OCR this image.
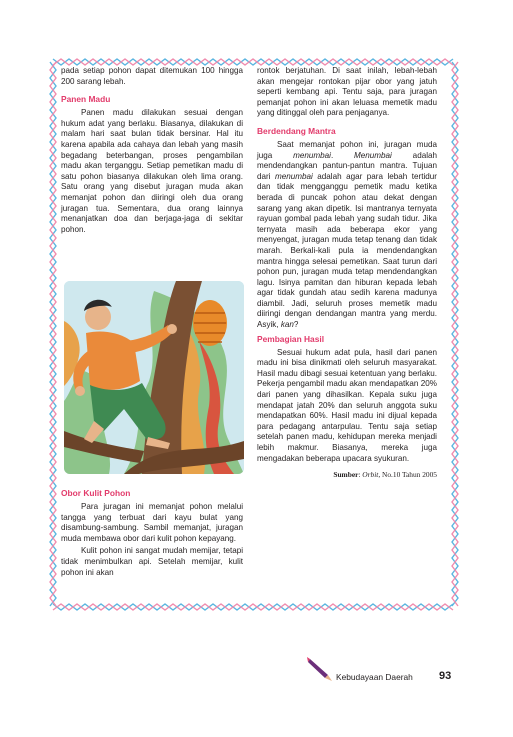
pada setiap pohon dapat ditemukan 100 hingga 200 sarang lebah.

Panen Madu

Panen madu dilakukan sesuai dengan hukum adat yang berlaku. Biasanya, dilakukan di malam hari saat bulan tidak bersinar. Hal itu karena apabila ada cahaya dan lebah yang masih begadang beterbangan, proses pengambilan madu akan terganggu. Setiap pemetikan madu di satu pohon biasanya dilakukan oleh lima orang. Satu orang yang disebut juragan muda akan memanjat pohon dan diiringi oleh dua orang juragan tua. Sementara, dua orang lainnya menanjatkan doa dan berjaga-jaga di sekitar pohon.

Obor Kulit Pohon

Para juragan ini memanjat pohon melalui tangga yang terbuat dari kayu bulat yang disambung-sambung. Sambil memanjat, juragan muda membawa obor dari kulit pohon kepayang.

Kulit pohon ini sangat mudah memijar, tetapi tidak menimbulkan api. Setelah memijar, kulit pohon ini akan

rontok berjatuhan. Di saat inilah, lebah-lebah akan mengejar rontokan pijar obor yang jatuh seperti kembang api. Tentu saja, para juragan pemanjat pohon ini akan leluasa memetik madu yang ditinggal oleh para penjaganya.

Berdendang Mantra

Saat memanjat pohon ini, juragan muda juga menumbai. Menumbai adalah mendendangkan pantun-pantun mantra. Tujuan dari menumbai adalah agar para lebah tertidur dan tidak mengganggu pemetik madu ketika berada di puncak pohon atau dekat dengan sarang yang akan dipetik. Isi mantranya ternyata rayuan gombal pada lebah yang sudah tidur. Jika ternyata masih ada beberapa ekor yang menyengat, juragan muda tetap tenang dan tidak marah. Berkali-kali pula ia mendendangkan mantra hingga selesai pemetikan. Saat turun dari pohon pun, juragan muda tetap mendendangkan lagu. Isinya pamitan dan hiburan kepada lebah agar tidak gundah atau sedih karena madunya diambil. Jadi, seluruh proses memetik madu diiringi dengan dendangan mantra yang merdu. Asyik, kan?

Pembagian Hasil

Sesuai hukum adat pula, hasil dari panen madu ini bisa dinikmati oleh seluruh masyarakat. Hasil madu dibagi sesuai ketentuan yang berlaku. Pekerja pengambil madu akan mendapatkan 20% dari panen yang dihasilkan. Kepala suku juga mendapat jatah 20% dan seluruh anggota suku mendapatkan 60%. Hasil madu ini dijual kepada para pedagang antarpulau. Tentu saja setiap setelah panen madu, kehidupan mereka menjadi lebih makmur. Biasanya, mereka juga mengadakan beberapa upacara syukuran.

Sumber: Orbit, No.10 Tahun 2005
Kebudayaan Daerah 93
